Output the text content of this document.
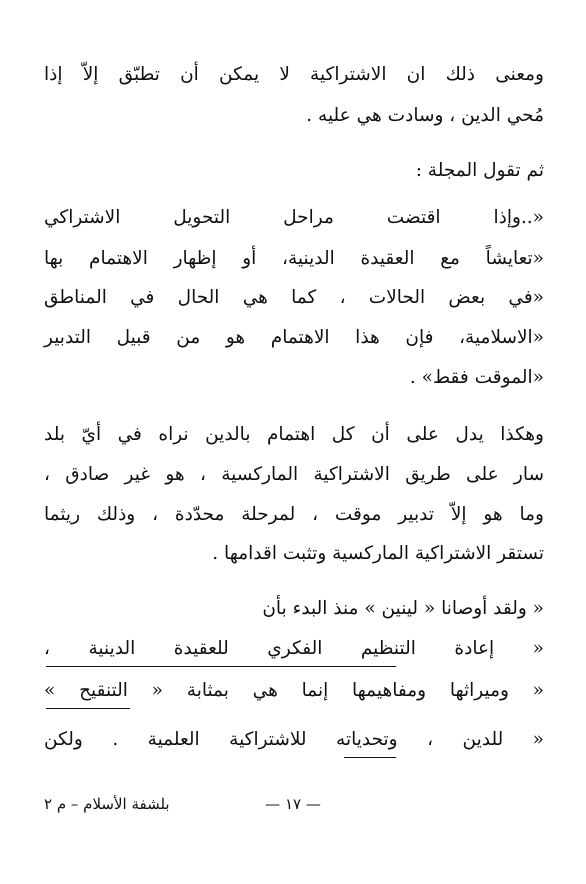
ومعنى ذلك ان الاشتراكية لا يمكن أن تطبّق إلاّ إذا
مُحي الدين ، وسادت هي عليه .
ثم تقول المجلة :
«..وإذا اقتضت مراحل التحويل الاشتراكي
«تعايشاً مع العقيدة الدينية، أو إظهار الاهتمام بها
«في بعض الحالات ، كما هي الحال في المناطق
«الاسلامية، فإن هذا الاهتمام هو من قبيل التدبير
«الموقت فقط» .
وهكذا يدل على أن كل اهتمام بالدين نراه في أيّ بلد
سار على طريق الاشتراكية الماركسية ، هو غير صادق ،
وما هو إلاّ تدبير موقت ، لمرحلة محدّدة ، وذلك ريثما
تستقر الاشتراكية الماركسية وتثبت اقدامها .
« ولقد أوصانا « لينين » منذ البدء بأن
« إعادة التنظيم الفكري للعقيدة الدينية ،
« وميراثها ومفاهيمها إنما هي بمثابة « التنقيح »
« للدين ، وتحدياته للاشتراكية العلمية . ولكن
— ١٧ —
بلشفة الأسلام – م ٢
